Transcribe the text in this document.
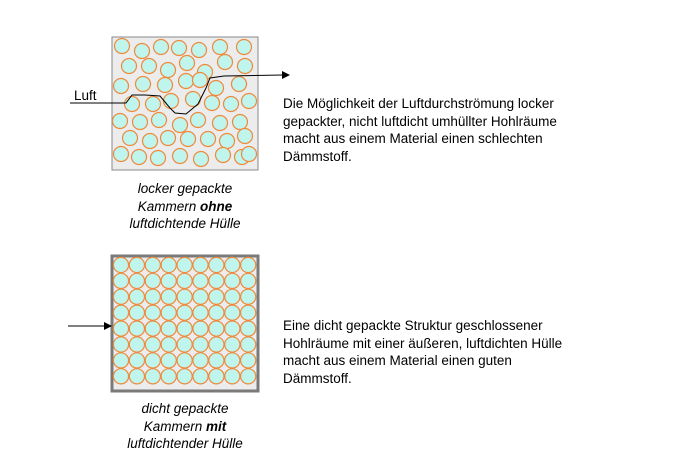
Luft
locker gepackte
Kammern ohne
luftdichtende Hülle
Die Möglichkeit der Luftdurchströmung locker gepackter, nicht luftdicht umhüllter Hohlräume macht aus einem Material einen schlechten Dämmstoff.
dicht gepackte
Kammern mit
luftdichtender Hülle
Eine dicht gepackte Struktur geschlossener Hohlräume mit einer äußeren, luftdichten Hülle macht aus einem Material einen guten Dämmstoff.
